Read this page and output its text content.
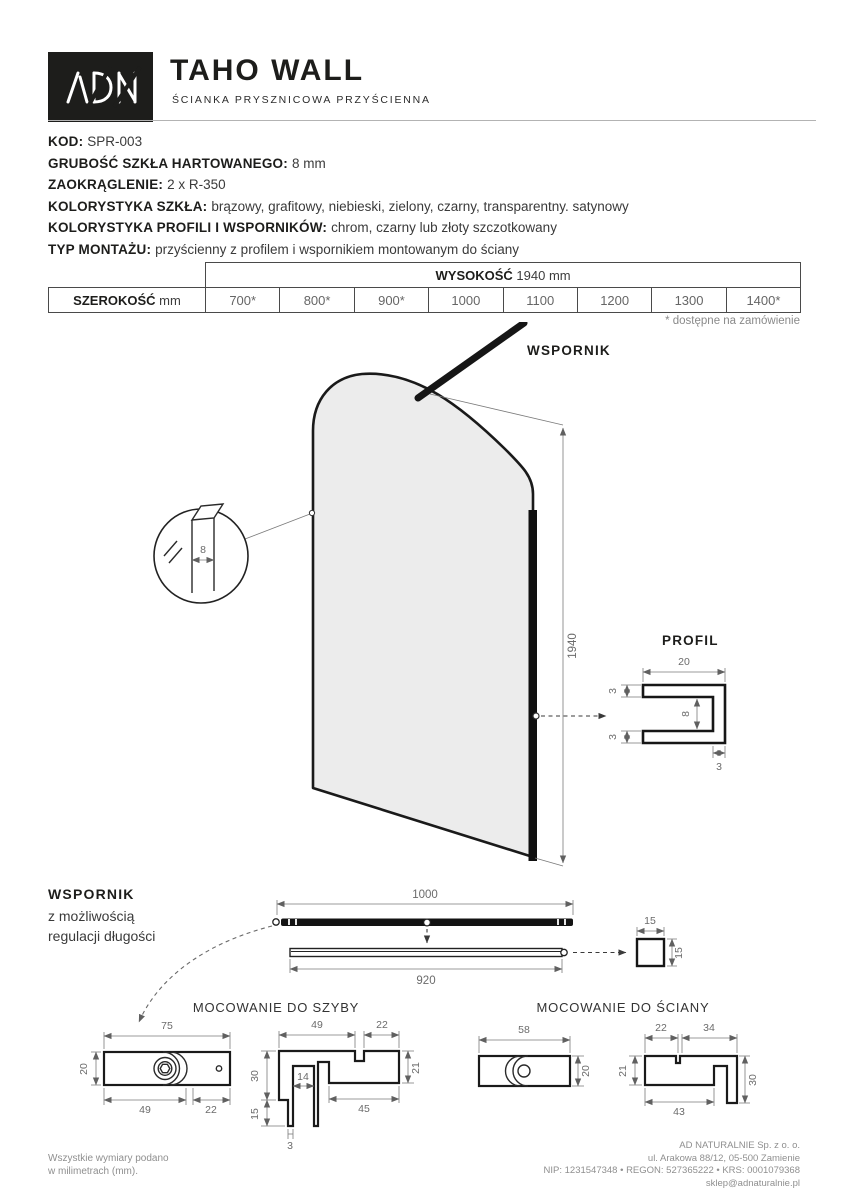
TAHO WALL
ŚCIANKA PRYSZNICOWA PRZYŚCIENNA
KOD: SPR-003
GRUBOŚĆ SZKŁA HARTOWANEGO: 8 mm
ZAOKRĄGLENIE: 2 x R-350
KOLORYSTYKA SZKŁA: brązowy, grafitowy, niebieski, zielony, czarny, transparentny. satynowy
KOLORYSTYKA PROFILI I WSPORNIKÓW: chrom, czarny lub złoty szczotkowany
TYP MONTAŻU: przyścienny z profilem i wspornikiem montowanym do ściany
	WYSOKOŚĆ 1940 mm							
SZEROKOŚĆ mm	700*	800*	900*	1000	1100	1200	1300	1400*
* dostępne na zamówienie
WSPORNIK
1940
8
PROFIL
20
3
8
3
3
WSPORNIK
z możliwością
regulacji długości
1000
920
15
15
MOCOWANIE DO SZYBY	MOCOWANIE DO ŚCIANY
75
20
49	22
49	22
30
15
14
45
21
3
58
20
22	34
21
43
30
Wszystkie wymiary podano
w milimetrach (mm).
AD NATURALNIE Sp. z o. o.
ul. Arakowa 88/12, 05-500 Zamienie
NIP: 1231547348 • REGON: 527365222 • KRS: 0001079368
sklep@adnaturalnie.pl
